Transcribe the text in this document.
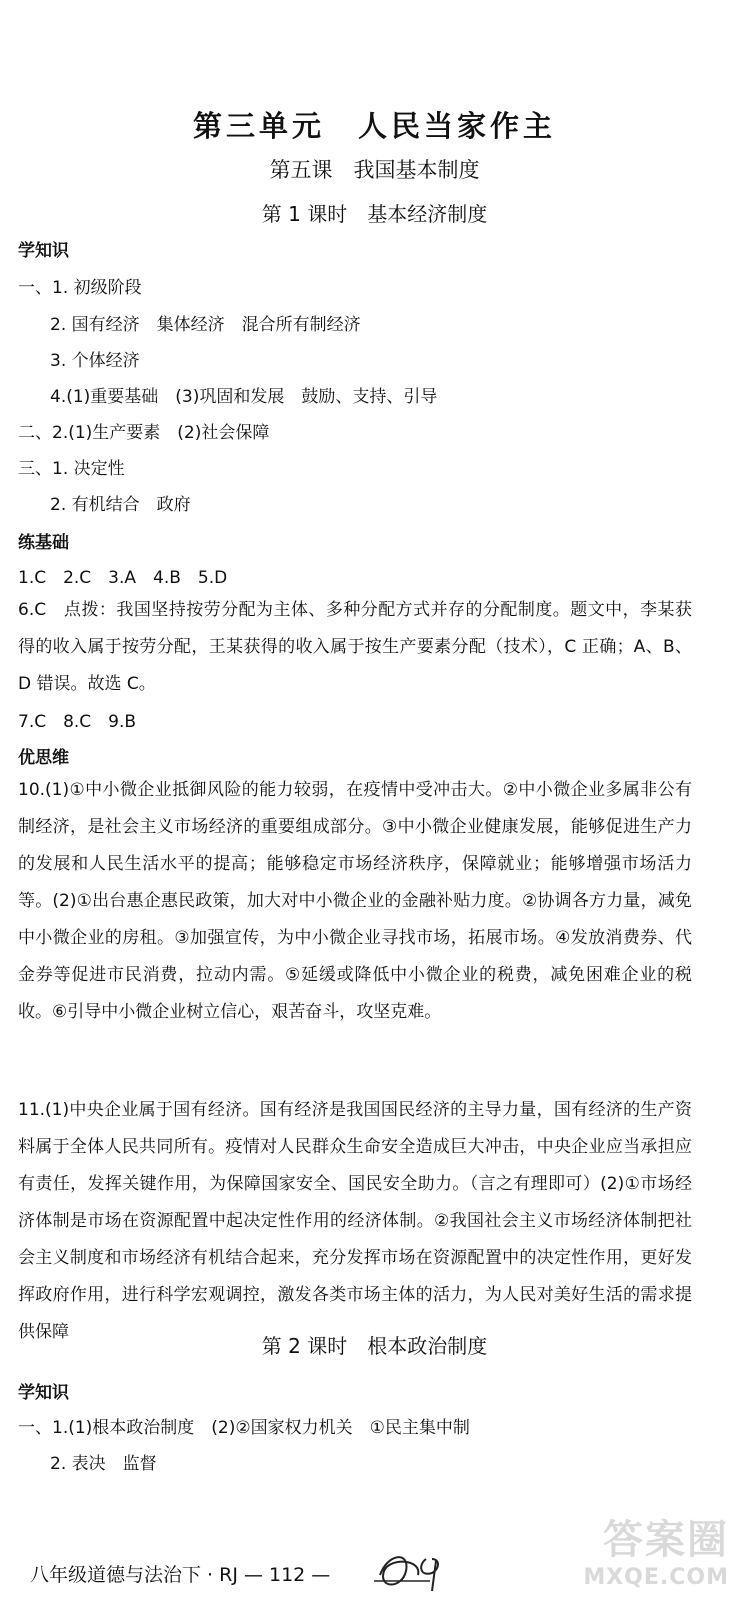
第三单元　人民当家作主
第五课　我国基本制度
第 1 课时　基本经济制度
学知识
一、1. 初级阶段
2. 国有经济　集体经济　混合所有制经济
3. 个体经济
4.(1)重要基础　(3)巩固和发展　鼓励、支持、引导
二、2.(1)生产要素　(2)社会保障
三、1. 决定性
2. 有机结合　政府
练基础
1.C　2.C　3.A　4.B　5.D
6.C　点拨：我国坚持按劳分配为主体、多种分配方式并存的分配制度。题文中，李某获得的收入属于按劳分配，王某获得的收入属于按生产要素分配（技术），C 正确；A、B、D 错误。故选 C。
7.C　8.C　9.B
优思维
10.(1)①中小微企业抵御风险的能力较弱，在疫情中受冲击大。②中小微企业多属非公有制经济，是社会主义市场经济的重要组成部分。③中小微企业健康发展，能够促进生产力的发展和人民生活水平的提高；能够稳定市场经济秩序，保障就业；能够增强市场活力等。(2)①出台惠企惠民政策，加大对中小微企业的金融补贴力度。②协调各方力量，减免中小微企业的房租。③加强宣传，为中小微企业寻找市场，拓展市场。④发放消费券、代金券等促进市民消费，拉动内需。⑤延缓或降低中小微企业的税费，减免困难企业的税收。⑥引导中小微企业树立信心，艰苦奋斗，攻坚克难。
11.(1)中央企业属于国有经济。国有经济是我国国民经济的主导力量，国有经济的生产资料属于全体人民共同所有。疫情对人民群众生命安全造成巨大冲击，中央企业应当承担应有责任，发挥关键作用，为保障国家安全、国民安全助力。（言之有理即可）(2)①市场经济体制是市场在资源配置中起决定性作用的经济体制。②我国社会主义市场经济体制把社会主义制度和市场经济有机结合起来，充分发挥市场在资源配置中的决定性作用，更好发挥政府作用，进行科学宏观调控，激发各类市场主体的活力，为人民对美好生活的需求提供保障
第 2 课时　根本政治制度
学知识
一、1.(1)根本政治制度　(2)②国家权力机关　①民主集中制
2. 表决　监督
八年级道德与法治下 · RJ — 112 —
答案圈
MXQE.COM
